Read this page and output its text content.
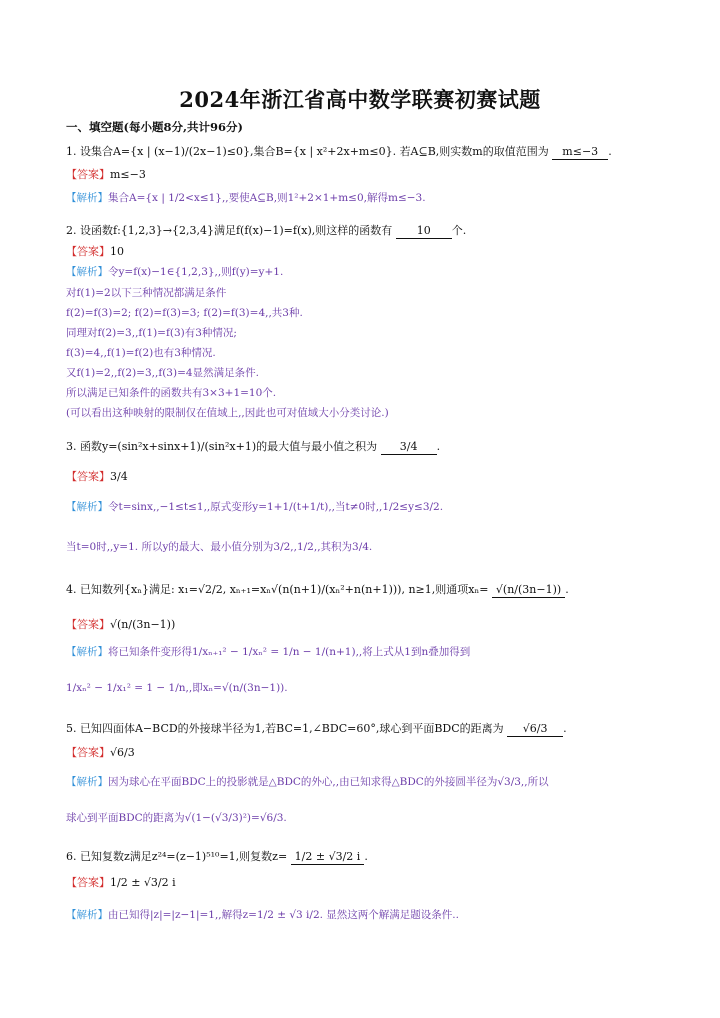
2024年浙江省高中数学联赛初赛试题
一、填空题(每小题8分,共计96分)
1. 设集合A={x | (x−1)/(2x−1)≤0},集合B={x | x²+2x+m≤0}. 若A⊆B,则实数m的取值范围为 m≤−3 .
【答案】m≤−3
【解析】集合A={x | 1/2<x≤1},,要使A⊆B,则1²+2×1+m≤0,解得m≤−3.
2. 设函数f:{1,2,3}→{2,3,4}满足f(f(x)−1)=f(x),则这样的函数有 10 个.
【答案】10
【解析】令y=f(x)−1∈{1,2,3},,则f(y)=y+1.
对f(1)=2以下三种情况都满足条件
f(2)=f(3)=2; f(2)=f(3)=3; f(2)=f(3)=4,,共3种.
同理对f(2)=3,,f(1)=f(3)有3种情况;
f(3)=4,,f(1)=f(2)也有3种情况.
又f(1)=2,,f(2)=3,,f(3)=4显然满足条件.
所以满足已知条件的函数共有3×3+1=10个.
(可以看出这种映射的限制仅在值域上,,因此也可对值域大小分类讨论.)
3. 函数y=(sin²x+sinx+1)/(sin²x+1)的最大值与最小值之积为 3/4 .
【答案】3/4
【解析】令t=sinx,,−1≤t≤1,,原式变形y=1+1/(t+1/t),,当t≠0时,,1/2≤y≤3/2.
当t=0时,,y=1. 所以y的最大、最小值分别为3/2,,1/2,,其积为3/4.
4. 已知数列{xₙ}满足: x₁=√2/2, xₙ₊₁=xₙ√(n(n+1)/(xₙ²+n(n+1))), n≥1,则通项xₙ= √(n/(3n−1)) .
【答案】√(n/(3n−1))
【解析】将已知条件变形得1/xₙ₊₁² − 1/xₙ² = 1/n − 1/(n+1),,将上式从1到n叠加得到
1/xₙ² − 1/x₁² = 1 − 1/n,,即xₙ=√(n/(3n−1)).
5. 已知四面体A−BCD的外接球半径为1,若BC=1,∠BDC=60°,球心到平面BDC的距离为 √6/3 .
【答案】√6/3
【解析】因为球心在平面BDC上的投影就是△BDC的外心,,由已知求得△BDC的外接圆半径为√3/3,,所以
球心到平面BDC的距离为√(1−(√3/3)²)=√6/3.
6. 已知复数z满足z²⁴=(z−1)⁵¹⁰=1,则复数z= 1/2 ± √3/2 i .
【答案】1/2 ± √3/2 i
【解析】由已知得|z|=|z−1|=1,,解得z=1/2 ± √3 i/2. 显然这两个解满足题设条件..
